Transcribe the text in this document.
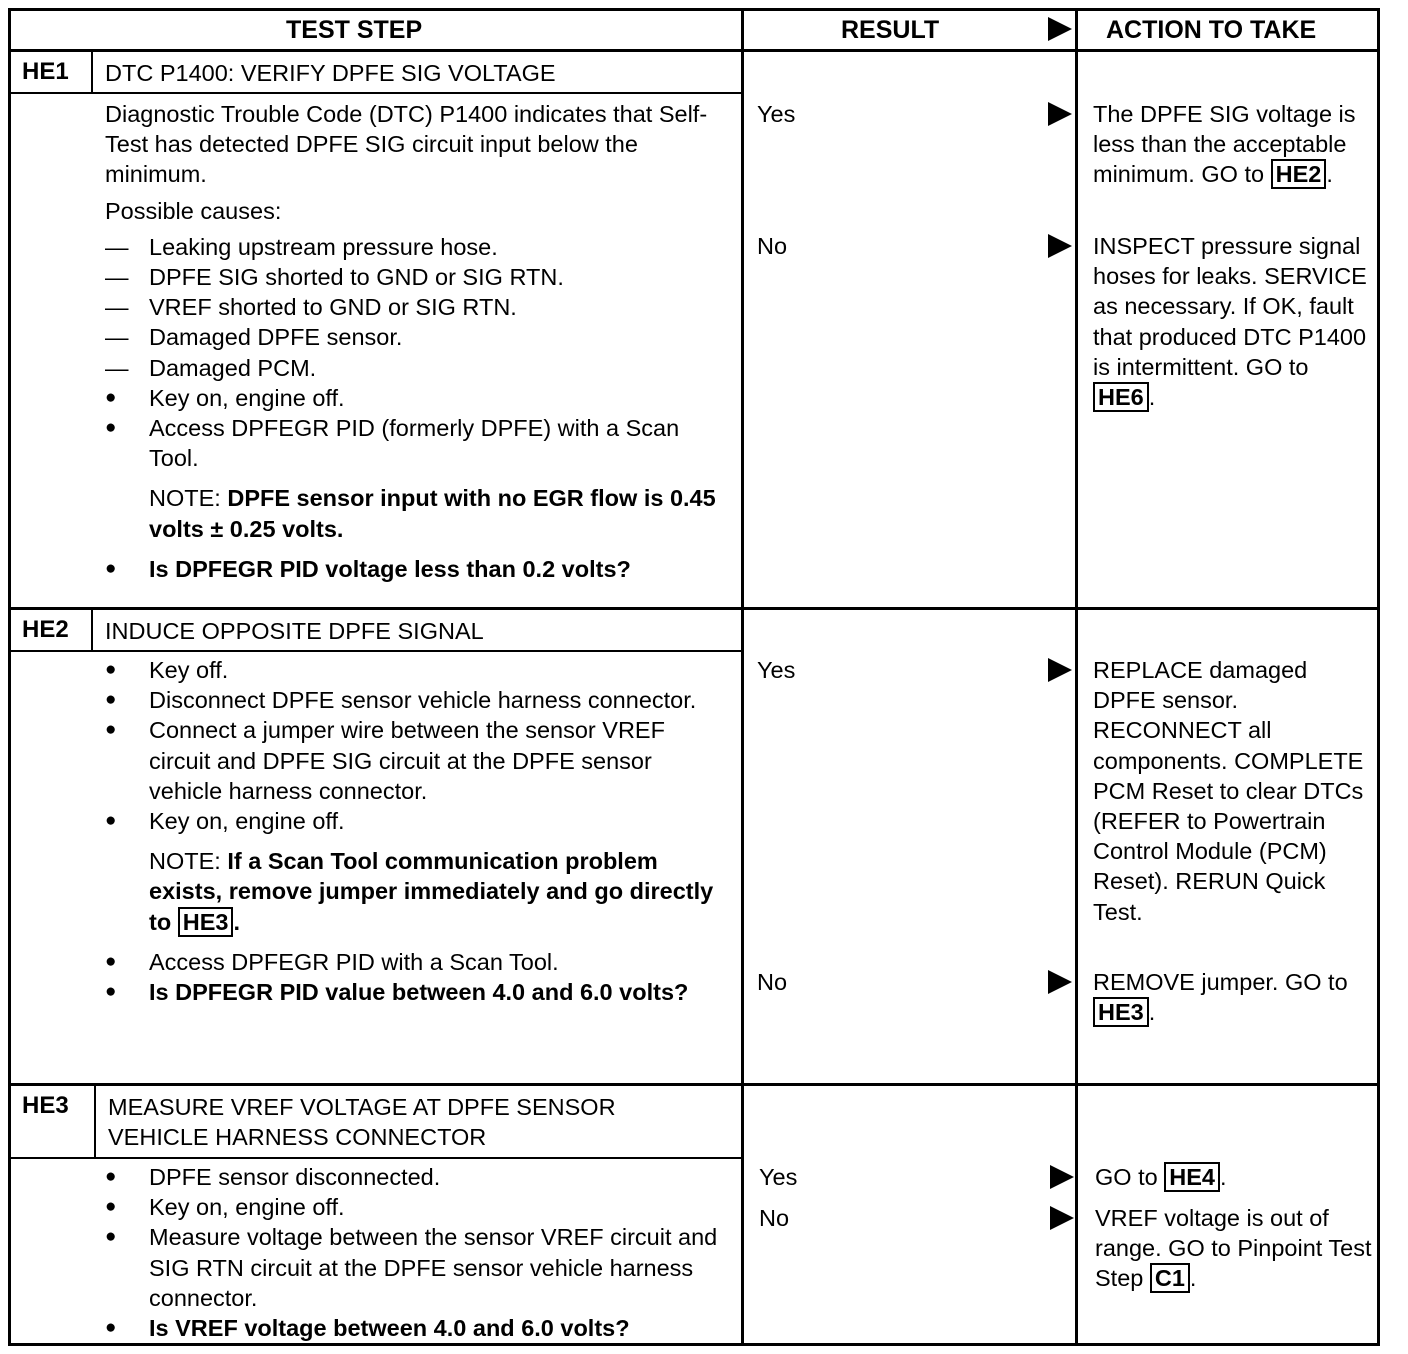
TEST STEP	RESULT	ACTION TO TAKE
HE1 DTC P1400: VERIFY DPFE SIG VOLTAGE
Diagnostic Trouble Code (DTC) P1400 indicates that Self-Test has detected DPFE SIG circuit input below the minimum.
Possible causes:
— Leaking upstream pressure hose.
— DPFE SIG shorted to GND or SIG RTN.
— VREF shorted to GND or SIG RTN.
— Damaged DPFE sensor.
— Damaged PCM.
● Key on, engine off.
● Access DPFEGR PID (formerly DPFE) with a Scan Tool.
NOTE: DPFE sensor input with no EGR flow is 0.45 volts ± 0.25 volts.
● Is DPFEGR PID voltage less than 0.2 volts?
Yes	The DPFE SIG voltage is less than the acceptable minimum. GO to HE2 .
No	INSPECT pressure signal hoses for leaks. SERVICE as necessary. If OK, fault that produced DTC P1400 is intermittent. GO to HE6 .
HE2 INDUCE OPPOSITE DPFE SIGNAL
● Key off.
● Disconnect DPFE sensor vehicle harness connector.
● Connect a jumper wire between the sensor VREF circuit and DPFE SIG circuit at the DPFE sensor vehicle harness connector.
● Key on, engine off.
NOTE: If a Scan Tool communication problem exists, remove jumper immediately and go directly to HE3 .
● Access DPFEGR PID with a Scan Tool.
● Is DPFEGR PID value between 4.0 and 6.0 volts?
Yes	REPLACE damaged DPFE sensor. RECONNECT all components. COMPLETE PCM Reset to clear DTCs (REFER to Powertrain Control Module (PCM) Reset). RERUN Quick Test.
No	REMOVE jumper. GO to HE3 .
HE3 MEASURE VREF VOLTAGE AT DPFE SENSOR
VEHICLE HARNESS CONNECTOR
● DPFE sensor disconnected.
● Key on, engine off.
● Measure voltage between the sensor VREF circuit and SIG RTN circuit at the DPFE sensor vehicle harness connector.
● Is VREF voltage between 4.0 and 6.0 volts?
Yes	GO to HE4 .
No	VREF voltage is out of range. GO to Pinpoint Test Step C1 .
